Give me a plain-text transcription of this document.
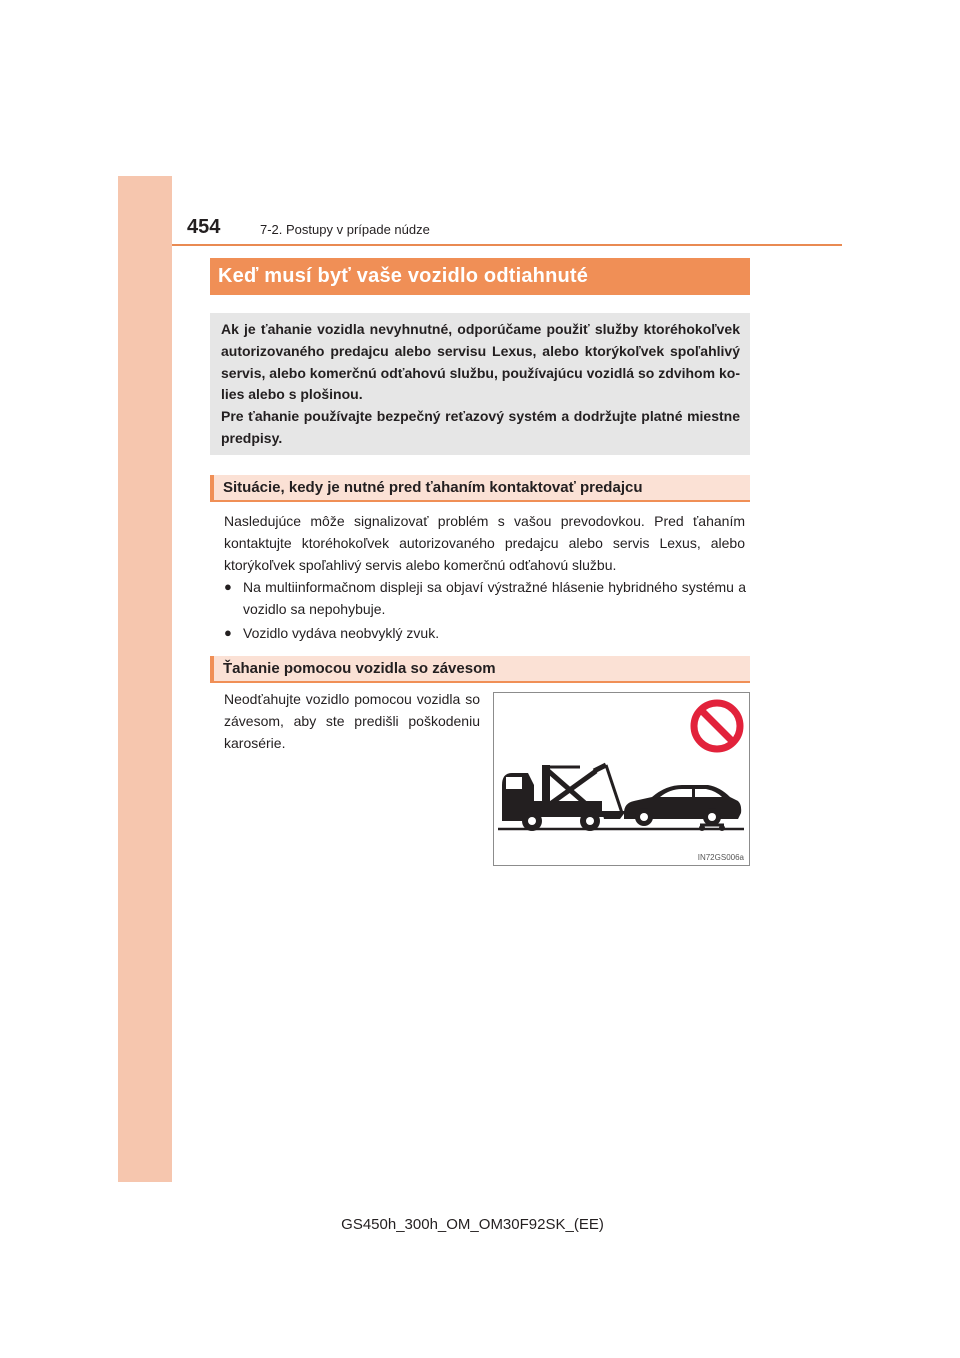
454	7-2. Postupy v prípade núdze
Keď musí byť vaše vozidlo odtiahnuté

Ak je ťahanie vozidla nevyhnutné, odporúčame použiť služby ktoréhokoľvek autorizovaného predajcu alebo servisu Lexus, alebo ktorýkoľvek spoľahlivý servis, alebo komerčnú odťahovú službu, používajúcu vozidlá so zdvihom kolies alebo s plošinou.

Pre ťahanie používajte bezpečný reťazový systém a dodržujte platné miestne predpisy.

Situácie, kedy je nutné pred ťahaním kontaktovať predajcu

Nasledujúce môže signalizovať problém s vašou prevodovkou. Pred ťahaním kontaktujte ktoréhokoľvek autorizovaného predajcu alebo servis Lexus, alebo ktorýkoľvek spoľahlivý servis alebo komerčnú odťahovú službu.

● Na multiinformačnom displeji sa objaví výstražné hlásenie hybridného systému a vozidlo sa nepohybuje.
● Vozidlo vydáva neobvyklý zvuk.
Ťahanie pomocou vozidla so závesom

Neodťahujte vozidlo pomocou vozidla so závesom, aby ste predišli poškodeniu karosérie.

IN72GS006a
GS450h_300h_OM_OM30F92SK_(EE)
